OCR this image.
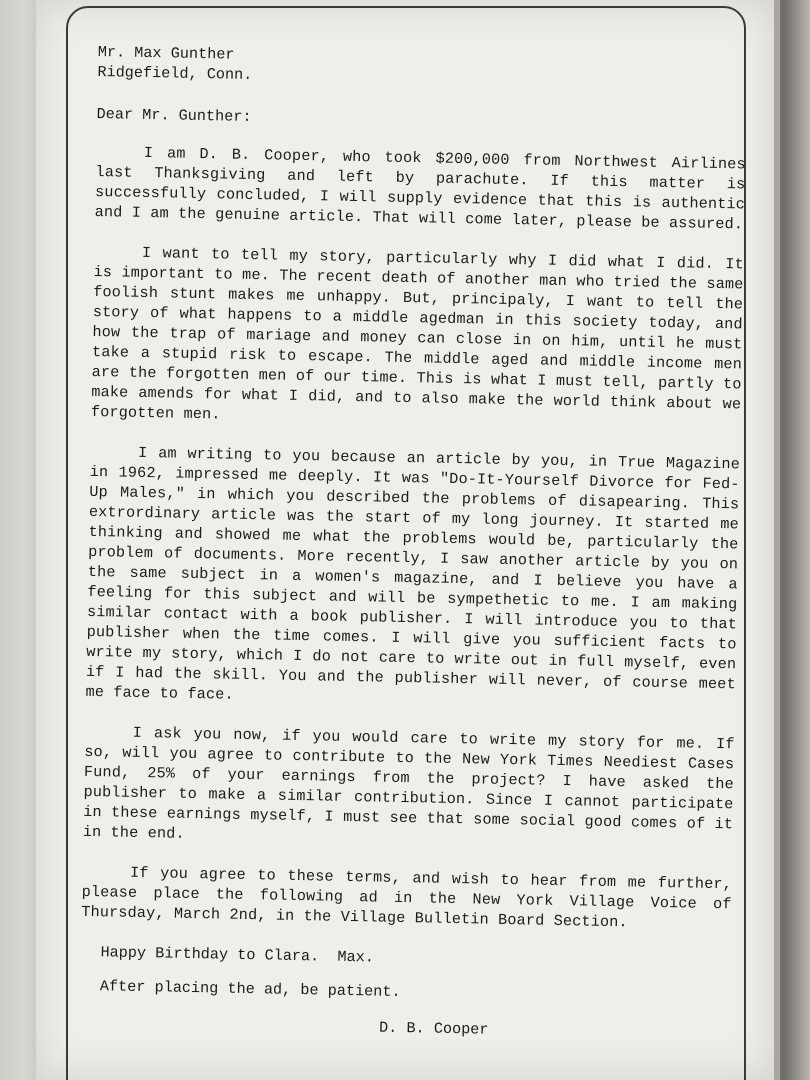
Mr. Max Gunther

Ridgefield, Conn.

Dear Mr. Gunther:

I am D. B. Cooper, who took $200,000 from Northwest Airlines last Thanksgiving and left by parachute. If this matter is successfully concluded, I will supply evidence that this is authentic and I am the genuine article. That will come later, please be assured.

I want to tell my story, particularly why I did what I did. It is important to me. The recent death of another man who tried the same foolish stunt makes me unhappy. But, principaly, I want to tell the story of what happens to a middle agedman in this society today, and how the trap of mariage and money can close in on him, until he must take a stupid risk to escape. The middle aged and middle income men are the forgotten men of our time. This is what I must tell, partly to make amends for what I did, and to also make the world think about we forgotten men.

I am writing to you because an article by you, in True Magazine in 1962, impressed me deeply. It was "Do-It-Yourself Divorce for Fed-Up Males," in which you described the problems of disapearing. This extrordinary article was the start of my long journey. It started me thinking and showed me what the problems would be, particularly the problem of documents. More recently, I saw another article by you on the same subject in a women's magazine, and I believe you have a feeling for this subject and will be sympethetic to me. I am making similar contact with a book publisher. I will introduce you to that publisher when the time comes. I will give you sufficient facts to write my story, which I do not care to write out in full myself, even if I had the skill. You and the publisher will never, of course meet me face to face.

I ask you now, if you would care to write my story for me. If so, will you agree to contribute to the New York Times Neediest Cases Fund, 25% of your earnings from the project? I have asked the publisher to make a similar contribution. Since I cannot participate in these earnings myself, I must see that some social good comes of it in the end.

If you agree to these terms, and wish to hear from me further, please place the following ad in the New York Village Voice of Thursday, March 2nd, in the Village Bulletin Board Section.

Happy Birthday to Clara.  Max.

After placing the ad, be patient.

D. B. Cooper
